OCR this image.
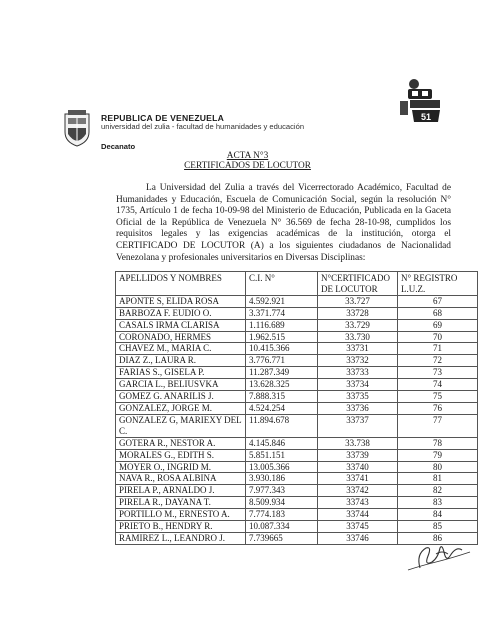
51
REPUBLICA DE VENEZUELA
universidad del zulia - facultad de humanidades y educación
Decanato
ACTA N°3
CERTIFICADOS DE LOCUTOR
La Universidad del Zulia a través del Vicerrectorado Académico, Facultad de Humanidades y Educación, Escuela de Comunicación Social, según la resolución N° 1735, Artículo 1 de fecha 10-09-98 del Ministerio de Educación, Publicada en la Gaceta Oficial de la República de Venezuela N° 36.569 de fecha 28-10-98, cumplidos los requisitos legales y las exigencias académicas de la institución, otorga el CERTIFICADO DE LOCUTOR (A) a los siguientes ciudadanos de Nacionalidad Venezolana y profesionales universitarios en Diversas Disciplinas:
APELLIDOS Y NOMBRES	C.I. N°	N°CERTIFICADO DE LOCUTOR	N° REGISTRO L.U.Z.
APONTE S, ELIDA ROSA	4.592.921	33.727	67
BARBOZA F. EUDIO O.	3.371.774	33728	68
CASALS IRMA CLARISA	1.116.689	33.729	69
CORONADO, HERMES	1.962.515	33.730	70
CHAVEZ M., MARIA C.	10.415.366	33731	71
DIAZ Z., LAURA R.	3.776.771	33732	72
FARIAS S., GISELA P.	11.287.349	33733	73
GARCIA L., BELIUSVKA	13.628.325	33734	74
GOMEZ G. ANARILIS J.	7.888.315	33735	75
GONZALEZ, JORGE M.	4.524.254	33736	76
GONZALEZ G, MARIEXY DEL C.	11.894.678	33737	77
GOTERA R., NESTOR A.	4.145.846	33.738	78
MORALES G., EDITH S.	5.851.151	33739	79
MOYER O., INGRID M.	13.005.366	33740	80
NAVA R., ROSA ALBINA	3.930.186	33741	81
PIRELA P., ARNALDO J.	7.977.343	33742	82
PIRELA R., DAYANA T.	8.509.934	33743	83
PORTILLO M., ERNESTO A.	7.774.183	33744	84
PRIETO B., HENDRY R.	10.087.334	33745	85
RAMIREZ L., LEANDRO J.	7.739665	33746	86
